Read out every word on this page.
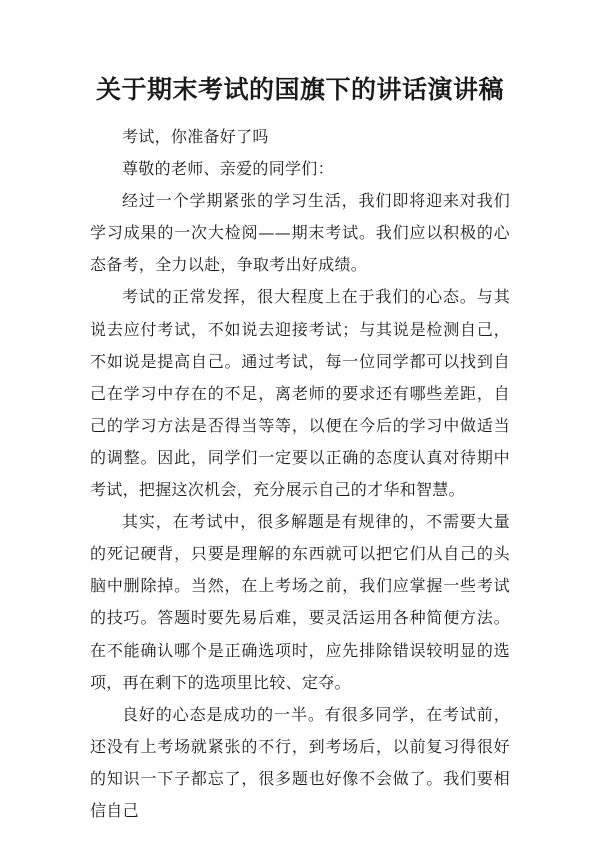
关于期末考试的国旗下的讲话演讲稿

考试，你准备好了吗

尊敬的老师、亲爱的同学们：

经过一个学期紧张的学习生活，我们即将迎来对我们学习成果的一次大检阅——期末考试。我们应以积极的心态备考，全力以赴，争取考出好成绩。

考试的正常发挥，很大程度上在于我们的心态。与其说去应付考试，不如说去迎接考试；与其说是检测自己，不如说是提高自己。通过考试，每一位同学都可以找到自己在学习中存在的不足，离老师的要求还有哪些差距，自己的学习方法是否得当等等，以便在今后的学习中做适当的调整。因此，同学们一定要以正确的态度认真对待期中考试，把握这次机会，充分展示自己的才华和智慧。

其实，在考试中，很多解题是有规律的，不需要大量的死记硬背，只要是理解的东西就可以把它们从自己的头脑中删除掉。当然，在上考场之前，我们应掌握一些考试的技巧。答题时要先易后难，要灵活运用各种简便方法。在不能确认哪个是正确选项时，应先排除错误较明显的选项，再在剩下的选项里比较、定夺。

良好的心态是成功的一半。有很多同学，在考试前，还没有上考场就紧张的不行，到考场后，以前复习得很好的知识一下子都忘了，很多题也好像不会做了。我们要相信自己
